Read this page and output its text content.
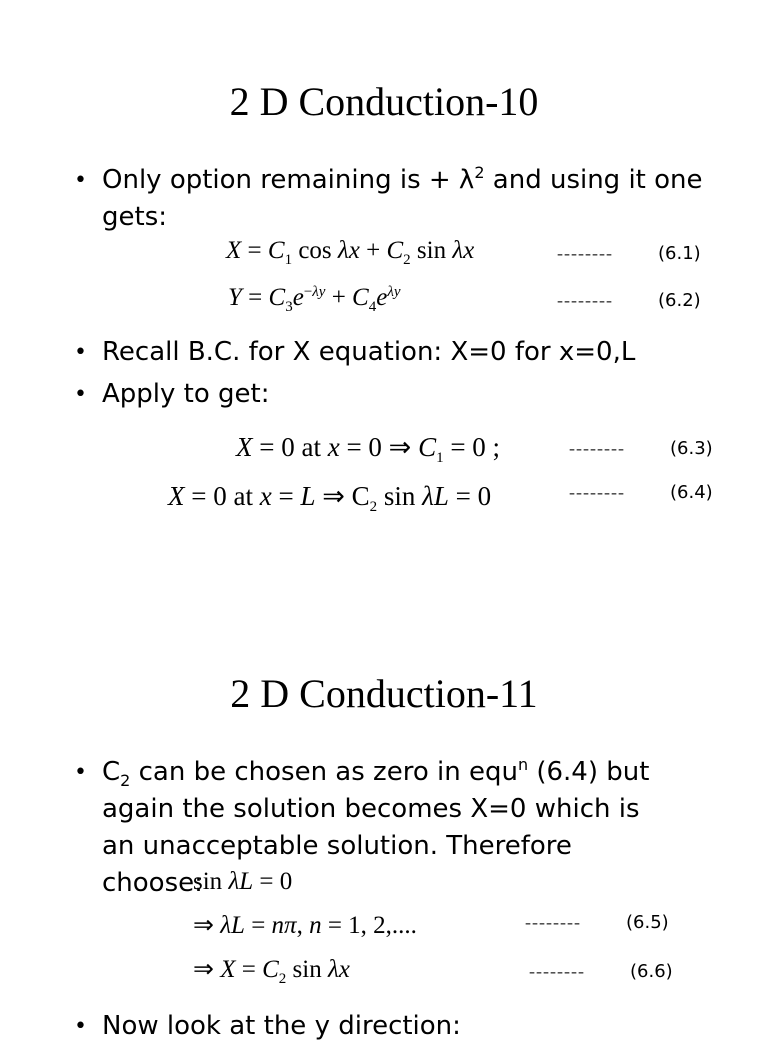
2 D Conduction-10
• Only option remaining is + $\lambda^2$ and using it one gets:
$X = C_1$ $\cos \lambda x + C_2$ sin λx	--------	(6.1)
$Y = C_3e^{-\lambda y} + C_4e^{\lambda y}$	--------	(6.2)
• Recall B.C. for X equation: X=0 for x=0,L
• Apply to get:
X = 0 at x = 0 ⇒ $C_1 = 0$ ;	--------	(6.3)
X = 0 at x = L ⇒ $C_2$ sin λL = 0	--------	(6.4)
2 D Conduction-11
• $C_2$ can be chosen as zero in equ$^n$ (6.4) but again the solution becomes X=0 which is an unacceptable solution. Therefore choose:
sin λL = 0
⇒ λL = nπ, n = 1, 2,....	--------	(6.5)
⇒ $X = C_2$ sin λx	--------	(6.6)
• Now look at the y direction:
